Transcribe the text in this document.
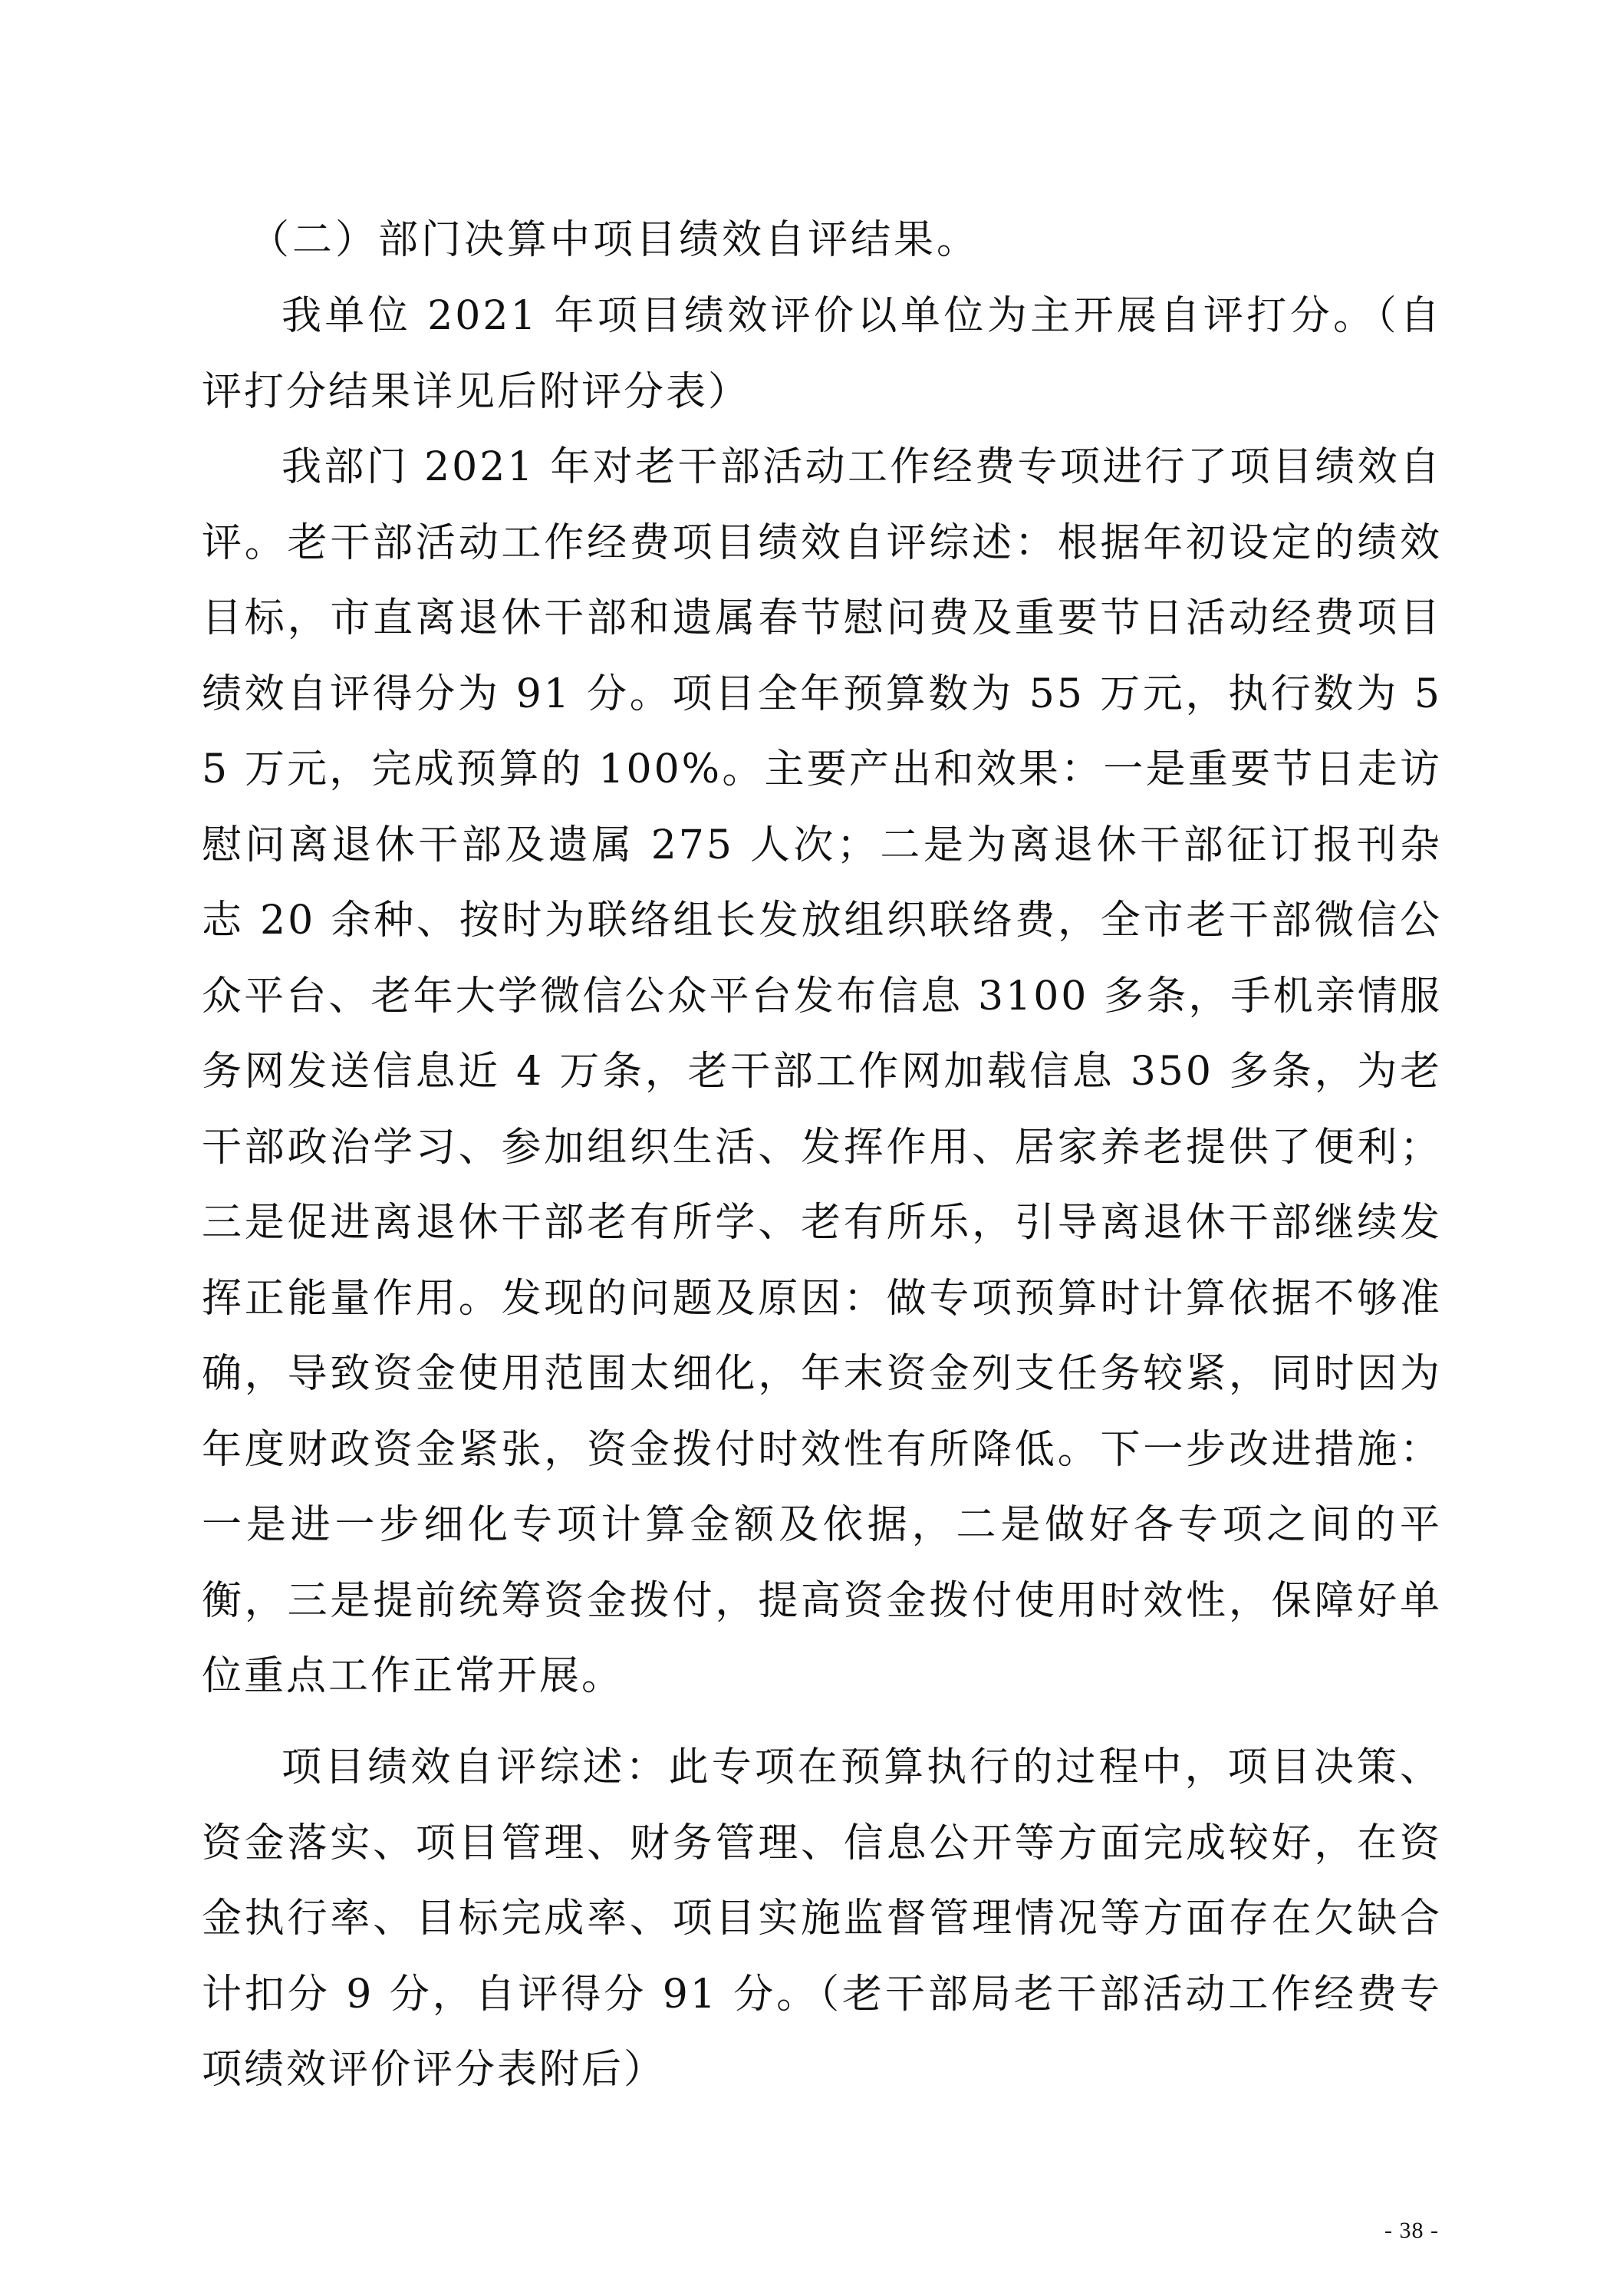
（二）部门决算中项目绩效自评结果。

我单位 2021 年项目绩效评价以单位为主开展自评打分。（自评打分结果详见后附评分表）

我部门 2021 年对老干部活动工作经费专项进行了项目绩效自评。老干部活动工作经费项目绩效自评综述：根据年初设定的绩效目标，市直离退休干部和遗属春节慰问费及重要节日活动经费项目绩效自评得分为 91 分。项目全年预算数为 55 万元，执行数为 55 万元，完成预算的 100%。主要产出和效果：一是重要节日走访慰问离退休干部及遗属 275 人次；二是为离退休干部征订报刊杂志 20 余种、按时为联络组长发放组织联络费，全市老干部微信公众平台、老年大学微信公众平台发布信息 3100 多条，手机亲情服务网发送信息近 4 万条，老干部工作网加载信息 350 多条，为老干部政治学习、参加组织生活、发挥作用、居家养老提供了便利；三是促进离退休干部老有所学、老有所乐，引导离退休干部继续发挥正能量作用。发现的问题及原因：做专项预算时计算依据不够准确，导致资金使用范围太细化，年末资金列支任务较紧，同时因为年度财政资金紧张，资金拨付时效性有所降低。下一步改进措施：一是进一步细化专项计算金额及依据，二是做好各专项之间的平衡，三是提前统筹资金拨付，提高资金拨付使用时效性，保障好单位重点工作正常开展。

项目绩效自评综述：此专项在预算执行的过程中，项目决策、资金落实、项目管理、财务管理、信息公开等方面完成较好，在资金执行率、目标完成率、项目实施监督管理情况等方面存在欠缺合计扣分 9 分，自评得分 91 分。（老干部局老干部活动工作经费专项绩效评价评分表附后）

- 38 -
